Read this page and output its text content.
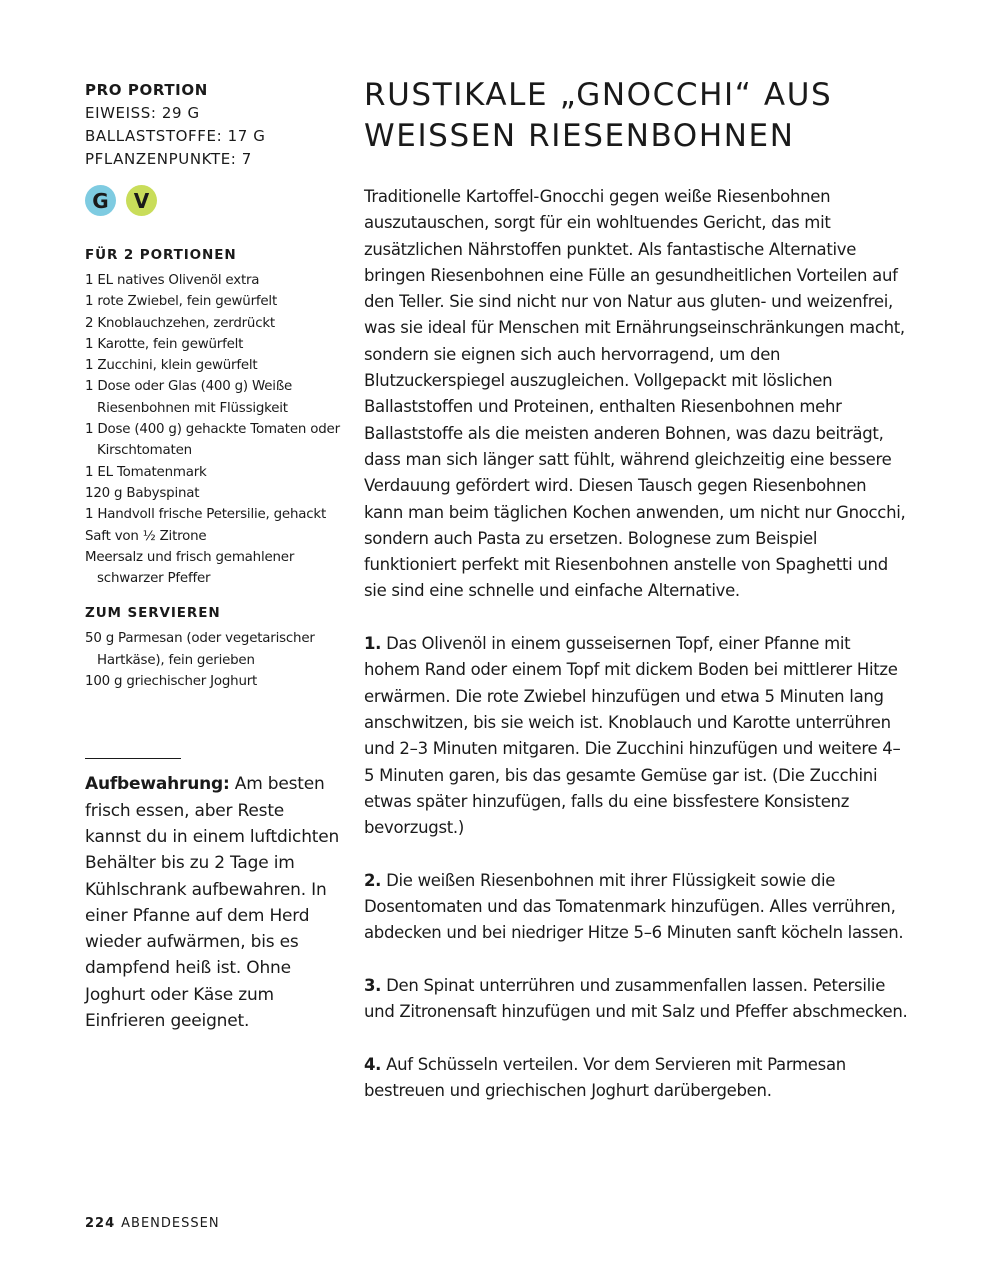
PRO PORTION
EIWEISS: 29 G
BALLASTSTOFFE: 17 G
PFLANZENPUNKTE: 7
G	V
FÜR 2 PORTIONEN
1 EL natives Olivenöl extra
1 rote Zwiebel, fein gewürfelt
2 Knoblauchzehen, zerdrückt
1 Karotte, fein gewürfelt
1 Zucchini, klein gewürfelt
1 Dose oder Glas (400 g) Weiße Riesenbohnen mit Flüssigkeit
1 Dose (400 g) gehackte Tomaten oder Kirschtomaten
1 EL Tomatenmark
120 g Babyspinat
1 Handvoll frische Petersilie, gehackt
Saft von ½ Zitrone
Meersalz und frisch gemahlener schwarzer Pfeffer
ZUM SERVIEREN
50 g Parmesan (oder vegetarischer Hartkäse), fein gerieben
100 g griechischer Joghurt
Aufbewahrung: Am besten frisch essen, aber Reste kannst du in einem luftdichten Behälter bis zu 2 Tage im Kühlschrank aufbewahren. In einer Pfanne auf dem Herd wieder aufwärmen, bis es dampfend heiß ist. Ohne Joghurt oder Käse zum Einfrieren geeignet.
RUSTIKALE „GNOCCHI“ AUS WEISSEN RIESENBOHNEN

Traditionelle Kartoffel-Gnocchi gegen weiße Riesenbohnen auszutauschen, sorgt für ein wohltuendes Gericht, das mit zusätzlichen Nährstoffen punktet. Als fantastische Alternative bringen Riesenbohnen eine Fülle an gesundheitlichen Vorteilen auf den Teller. Sie sind nicht nur von Natur aus gluten- und weizenfrei, was sie ideal für Menschen mit Ernährungseinschränkungen macht, sondern sie eignen sich auch hervorragend, um den Blutzuckerspiegel auszugleichen. Vollgepackt mit löslichen Ballaststoffen und Proteinen, enthalten Riesenbohnen mehr Ballaststoffe als die meisten anderen Bohnen, was dazu beiträgt, dass man sich länger satt fühlt, während gleichzeitig eine bessere Verdauung gefördert wird. Diesen Tausch gegen Riesenbohnen kann man beim täglichen Kochen anwenden, um nicht nur Gnocchi, sondern auch Pasta zu ersetzen. Bolognese zum Beispiel funktioniert perfekt mit Riesenbohnen anstelle von Spaghetti und sie sind eine schnelle und einfache Alternative.

1. Das Olivenöl in einem gusseisernen Topf, einer Pfanne mit hohem Rand oder einem Topf mit dickem Boden bei mittlerer Hitze erwärmen. Die rote Zwiebel hinzufügen und etwa 5 Minuten lang anschwitzen, bis sie weich ist. Knoblauch und Karotte unterrühren und 2–3 Minuten mitgaren. Die Zucchini hinzufügen und weitere 4–5 Minuten garen, bis das gesamte Gemüse gar ist. (Die Zucchini etwas später hinzufügen, falls du eine bissfestere Konsistenz bevorzugst.)

2. Die weißen Riesenbohnen mit ihrer Flüssigkeit sowie die Dosentomaten und das Tomatenmark hinzufügen. Alles verrühren, abdecken und bei niedriger Hitze 5–6 Minuten sanft köcheln lassen.

3. Den Spinat unterrühren und zusammenfallen lassen. Petersilie und Zitronensaft hinzufügen und mit Salz und Pfeffer abschmecken.

4. Auf Schüsseln verteilen. Vor dem Servieren mit Parmesan bestreuen und griechischen Joghurt darübergeben.

224 ABENDESSEN
